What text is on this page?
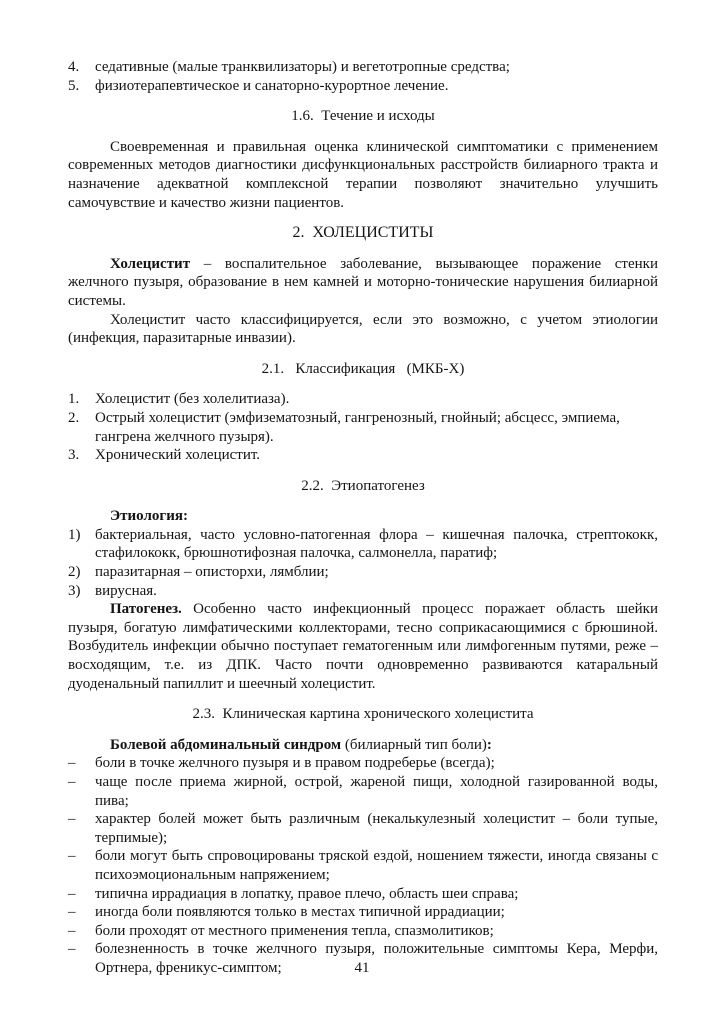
4. седативные (малые транквилизаторы) и вегетотропные средства;
5. физиотерапевтическое и санаторно-курортное лечение.
1.6.  Течение и исходы

Своевременная и правильная оценка клинической симптоматики с применением современных методов диагностики дисфункциональных расстройств билиарного тракта и назначение адекватной комплексной терапии позволяют значительно улучшить самочувствие и качество жизни пациентов.

2.  ХОЛЕЦИСТИТЫ

Холецистит – воспалительное заболевание, вызывающее поражение стенки желчного пузыря, образование в нем камней и моторно-тонические нарушения билиарной системы.

Холецистит часто классифицируется, если это возможно, с учетом этиологии (инфекция, паразитарные инвазии).

2.1.   Классификация   (МКБ-Х)
1. Холецистит (без холелитиаза).
2. Острый холецистит (эмфизематозный, гангренозный, гнойный; абсцесс, эмпиема, гангрена желчного пузыря).
3. Хронический холецистит.
2.2.  Этиопатогенез

Этиология:

1) бактериальная, часто условно-патогенная флора – кишечная палочка, стрептококк, стафилококк, брюшнотифозная палочка, салмонелла, паратиф;
2) паразитарная – описторхи, лямблии;
3) вирусная.

Патогенез. Особенно часто инфекционный процесс поражает область шейки пузыря, богатую лимфатическими коллекторами, тесно соприкасающимися с брюшиной. Возбудитель инфекции обычно поступает гематогенным или лимфогенным путями, реже – восходящим, т.е. из ДПК. Часто почти одновременно развиваются катаральный дуоденальный папиллит и шеечный холецистит.

2.3.  Клиническая картина хронического холецистита

Болевой абдоминальный синдром (билиарный тип боли):

– боли в точке желчного пузыря и в правом подреберье (всегда);
– чаще после приема жирной, острой, жареной пищи, холодной газированной воды, пива;
– характер болей может быть различным (некалькулезный холецистит – боли тупые, терпимые);
– боли могут быть спровоцированы тряской ездой, ношением тяжести, иногда связаны с психоэмоциональным напряжением;
– типична иррадиация в лопатку, правое плечо, область шеи справа;
– иногда боли появляются только в местах типичной иррадиации;
– боли проходят от местного применения тепла, спазмолитиков;
– болезненность в точке желчного пузыря, положительные симптомы Кера, Мерфи, Ортнера, френикус-симптом;	41
